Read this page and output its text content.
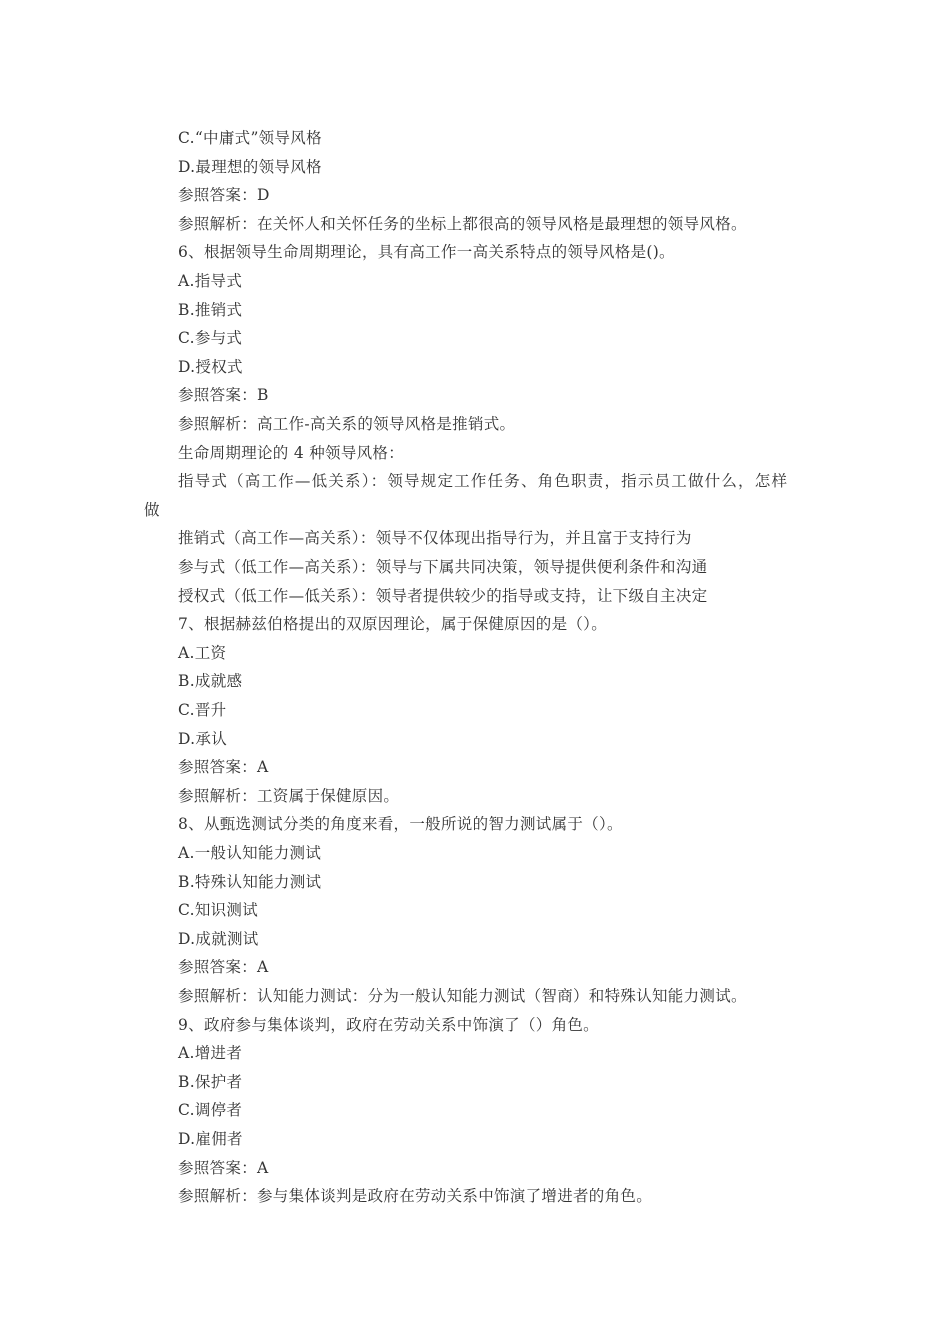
C.“中庸式”领导风格
D.最理想的领导风格
参照答案：D
参照解析：在关怀人和关怀任务的坐标上都很高的领导风格是最理想的领导风格。
6、根据领导生命周期理论，具有高工作一高关系特点的领导风格是()。
A.指导式
B.推销式
C.参与式
D.授权式
参照答案：B
参照解析：高工作-高关系的领导风格是推销式。
生命周期理论的 4 种领导风格：
指导式（高工作—低关系）：领导规定工作任务、角色职责，指示员工做什么，怎样
做
推销式（高工作—高关系）：领导不仅体现出指导行为，并且富于支持行为
参与式（低工作—高关系）：领导与下属共同决策，领导提供便利条件和沟通
授权式（低工作—低关系）：领导者提供较少的指导或支持，让下级自主决定
7、根据赫兹伯格提出的双原因理论，属于保健原因的是（）。
A.工资
B.成就感
C.晋升
D.承认
参照答案：A
参照解析：工资属于保健原因。
8、从甄选测试分类的角度来看，一般所说的智力测试属于（）。
A.一般认知能力测试
B.特殊认知能力测试
C.知识测试
D.成就测试
参照答案：A
参照解析：认知能力测试：分为一般认知能力测试（智商）和特殊认知能力测试。
9、政府参与集体谈判，政府在劳动关系中饰演了（）角色。
A.增进者
B.保护者
C.调停者
D.雇佣者
参照答案：A
参照解析：参与集体谈判是政府在劳动关系中饰演了增进者的角色。
